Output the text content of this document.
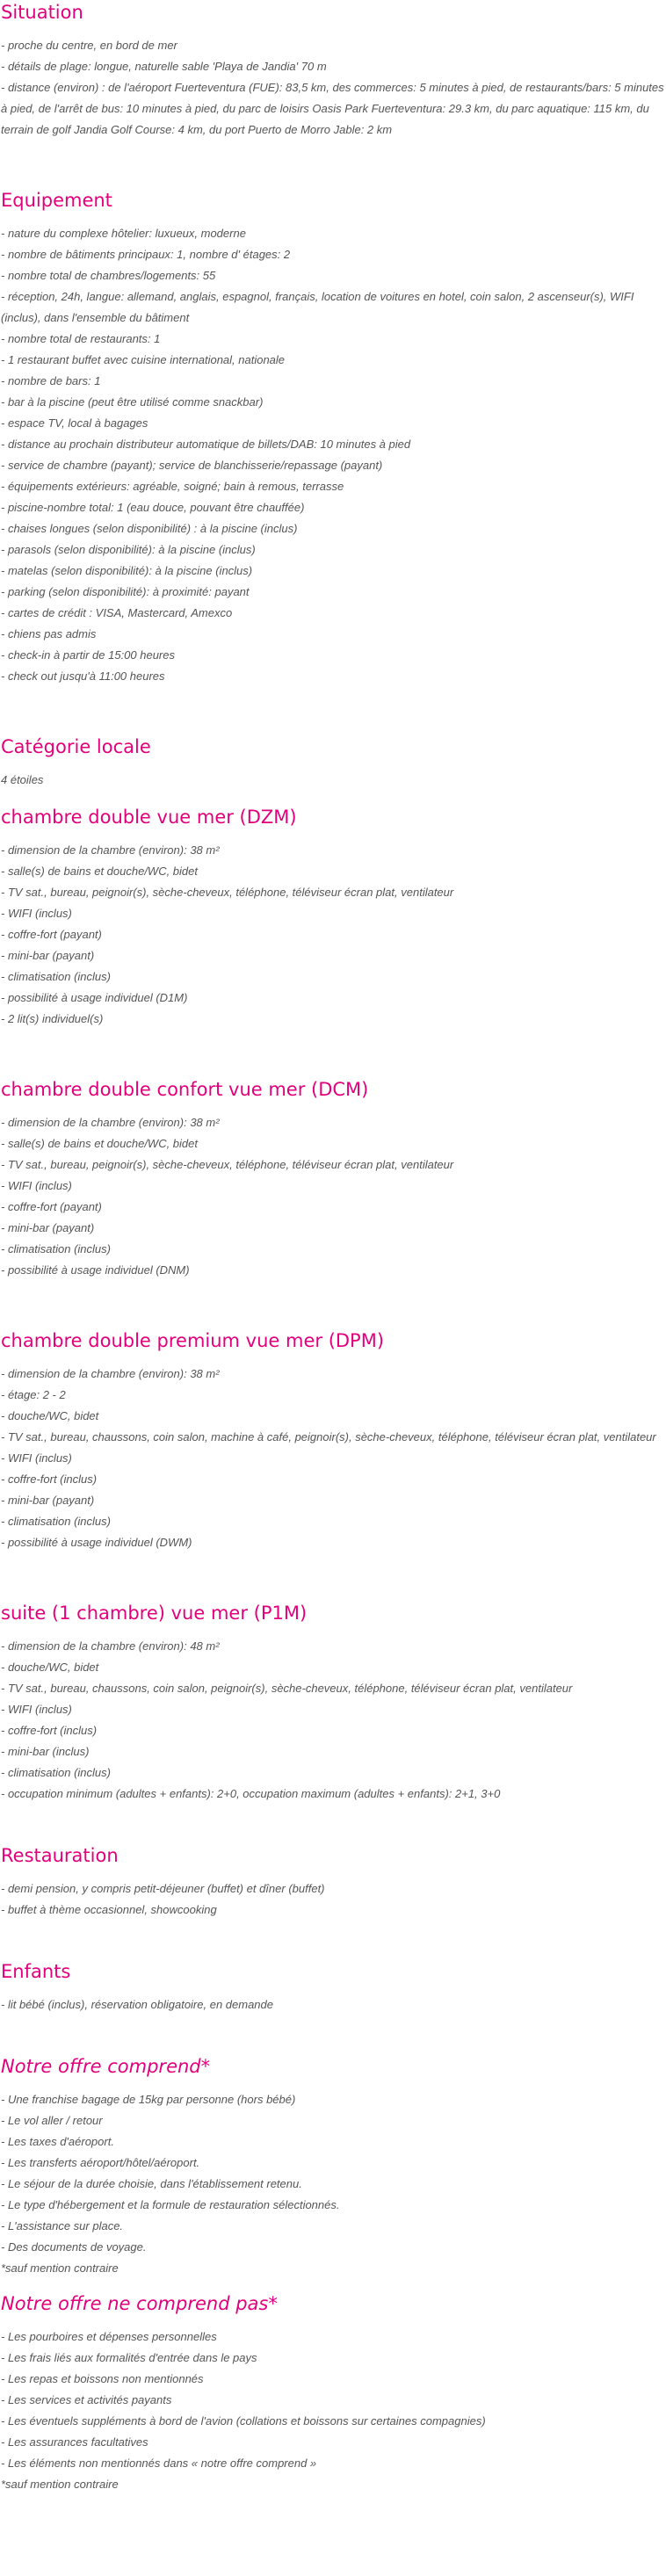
Situation

- proche du centre, en bord de mer

- détails de plage: longue, naturelle sable 'Playa de Jandia' 70 m

- distance (environ) : de l'aéroport Fuerteventura (FUE): 83,5 km, des commerces: 5 minutes à pied, de restaurants/bars: 5 minutes à pied, de l'arrêt de bus: 10 minutes à pied, du parc de loisirs Oasis Park Fuerteventura: 29.3 km, du parc aquatique: 115 km, du terrain de golf Jandia Golf Course: 4 km, du port Puerto de Morro Jable: 2 km

Equipement

- nature du complexe hôtelier: luxueux, moderne

- nombre de bâtiments principaux: 1, nombre d' étages: 2

- nombre total de chambres/logements: 55

- réception, 24h, langue: allemand, anglais, espagnol, français, location de voitures en hotel, coin salon, 2 ascenseur(s), WIFI (inclus), dans l'ensemble du bâtiment

- nombre total de restaurants: 1

- 1 restaurant buffet avec cuisine international, nationale

- nombre de bars: 1

- bar à la piscine (peut être utilisé comme snackbar)

- espace TV, local à bagages

- distance au prochain distributeur automatique de billets/DAB: 10 minutes à pied

- service de chambre (payant); service de blanchisserie/repassage (payant)

- équipements extérieurs: agréable, soigné; bain à remous, terrasse

- piscine-nombre total: 1 (eau douce, pouvant être chauffée)

- chaises longues (selon disponibilité) : à la piscine (inclus)

- parasols (selon disponibilité): à la piscine (inclus)

- matelas (selon disponibilité): à la piscine (inclus)

- parking (selon disponibilité): à proximité: payant

- cartes de crédit : VISA, Mastercard, Amexco

- chiens pas admis

- check-in à partir de 15:00 heures

- check out jusqu'à 11:00 heures

Catégorie locale

4 étoiles

chambre double vue mer (DZM)

- dimension de la chambre (environ): 38 m²

- salle(s) de bains et douche/WC, bidet

- TV sat., bureau, peignoir(s), sèche-cheveux, téléphone, téléviseur écran plat, ventilateur

- WIFI (inclus)

- coffre-fort (payant)

- mini-bar (payant)

- climatisation (inclus)

- possibilité à usage individuel (D1M)

- 2 lit(s) individuel(s)

chambre double confort vue mer (DCM)

- dimension de la chambre (environ): 38 m²

- salle(s) de bains et douche/WC, bidet

- TV sat., bureau, peignoir(s), sèche-cheveux, téléphone, téléviseur écran plat, ventilateur

- WIFI (inclus)

- coffre-fort (payant)

- mini-bar (payant)

- climatisation (inclus)

- possibilité à usage individuel (DNM)

chambre double premium vue mer (DPM)

- dimension de la chambre (environ): 38 m²

- étage: 2 - 2

- douche/WC, bidet

- TV sat., bureau, chaussons, coin salon, machine à café, peignoir(s), sèche-cheveux, téléphone, téléviseur écran plat, ventilateur

- WIFI (inclus)

- coffre-fort (inclus)

- mini-bar (payant)

- climatisation (inclus)

- possibilité à usage individuel (DWM)

suite (1 chambre) vue mer (P1M)

- dimension de la chambre (environ): 48 m²

- douche/WC, bidet

- TV sat., bureau, chaussons, coin salon, peignoir(s), sèche-cheveux, téléphone, téléviseur écran plat, ventilateur

- WIFI (inclus)

- coffre-fort (inclus)

- mini-bar (inclus)

- climatisation (inclus)

- occupation minimum (adultes + enfants): 2+0, occupation maximum (adultes + enfants): 2+1, 3+0

Restauration

- demi pension, y compris petit-déjeuner (buffet) et dîner (buffet)

- buffet à thème occasionnel, showcooking

Enfants

- lit bébé (inclus), réservation obligatoire, en demande

Notre offre comprend*

- Une franchise bagage de 15kg par personne (hors bébé)

- Le vol aller / retour

- Les taxes d'aéroport.

- Les transferts aéroport/hôtel/aéroport.

- Le séjour de la durée choisie, dans l'établissement retenu.

- Le type d'hébergement et la formule de restauration sélectionnés.

- L'assistance sur place.

- Des documents de voyage.

*sauf mention contraire

Notre offre ne comprend pas*

- Les pourboires et dépenses personnelles

- Les frais liés aux formalités d'entrée dans le pays

- Les repas et boissons non mentionnés

- Les services et activités payants

- Les éventuels suppléments à bord de l'avion (collations et boissons sur certaines compagnies)

- Les assurances facultatives

- Les éléments non mentionnés dans « notre offre comprend »

*sauf mention contraire
